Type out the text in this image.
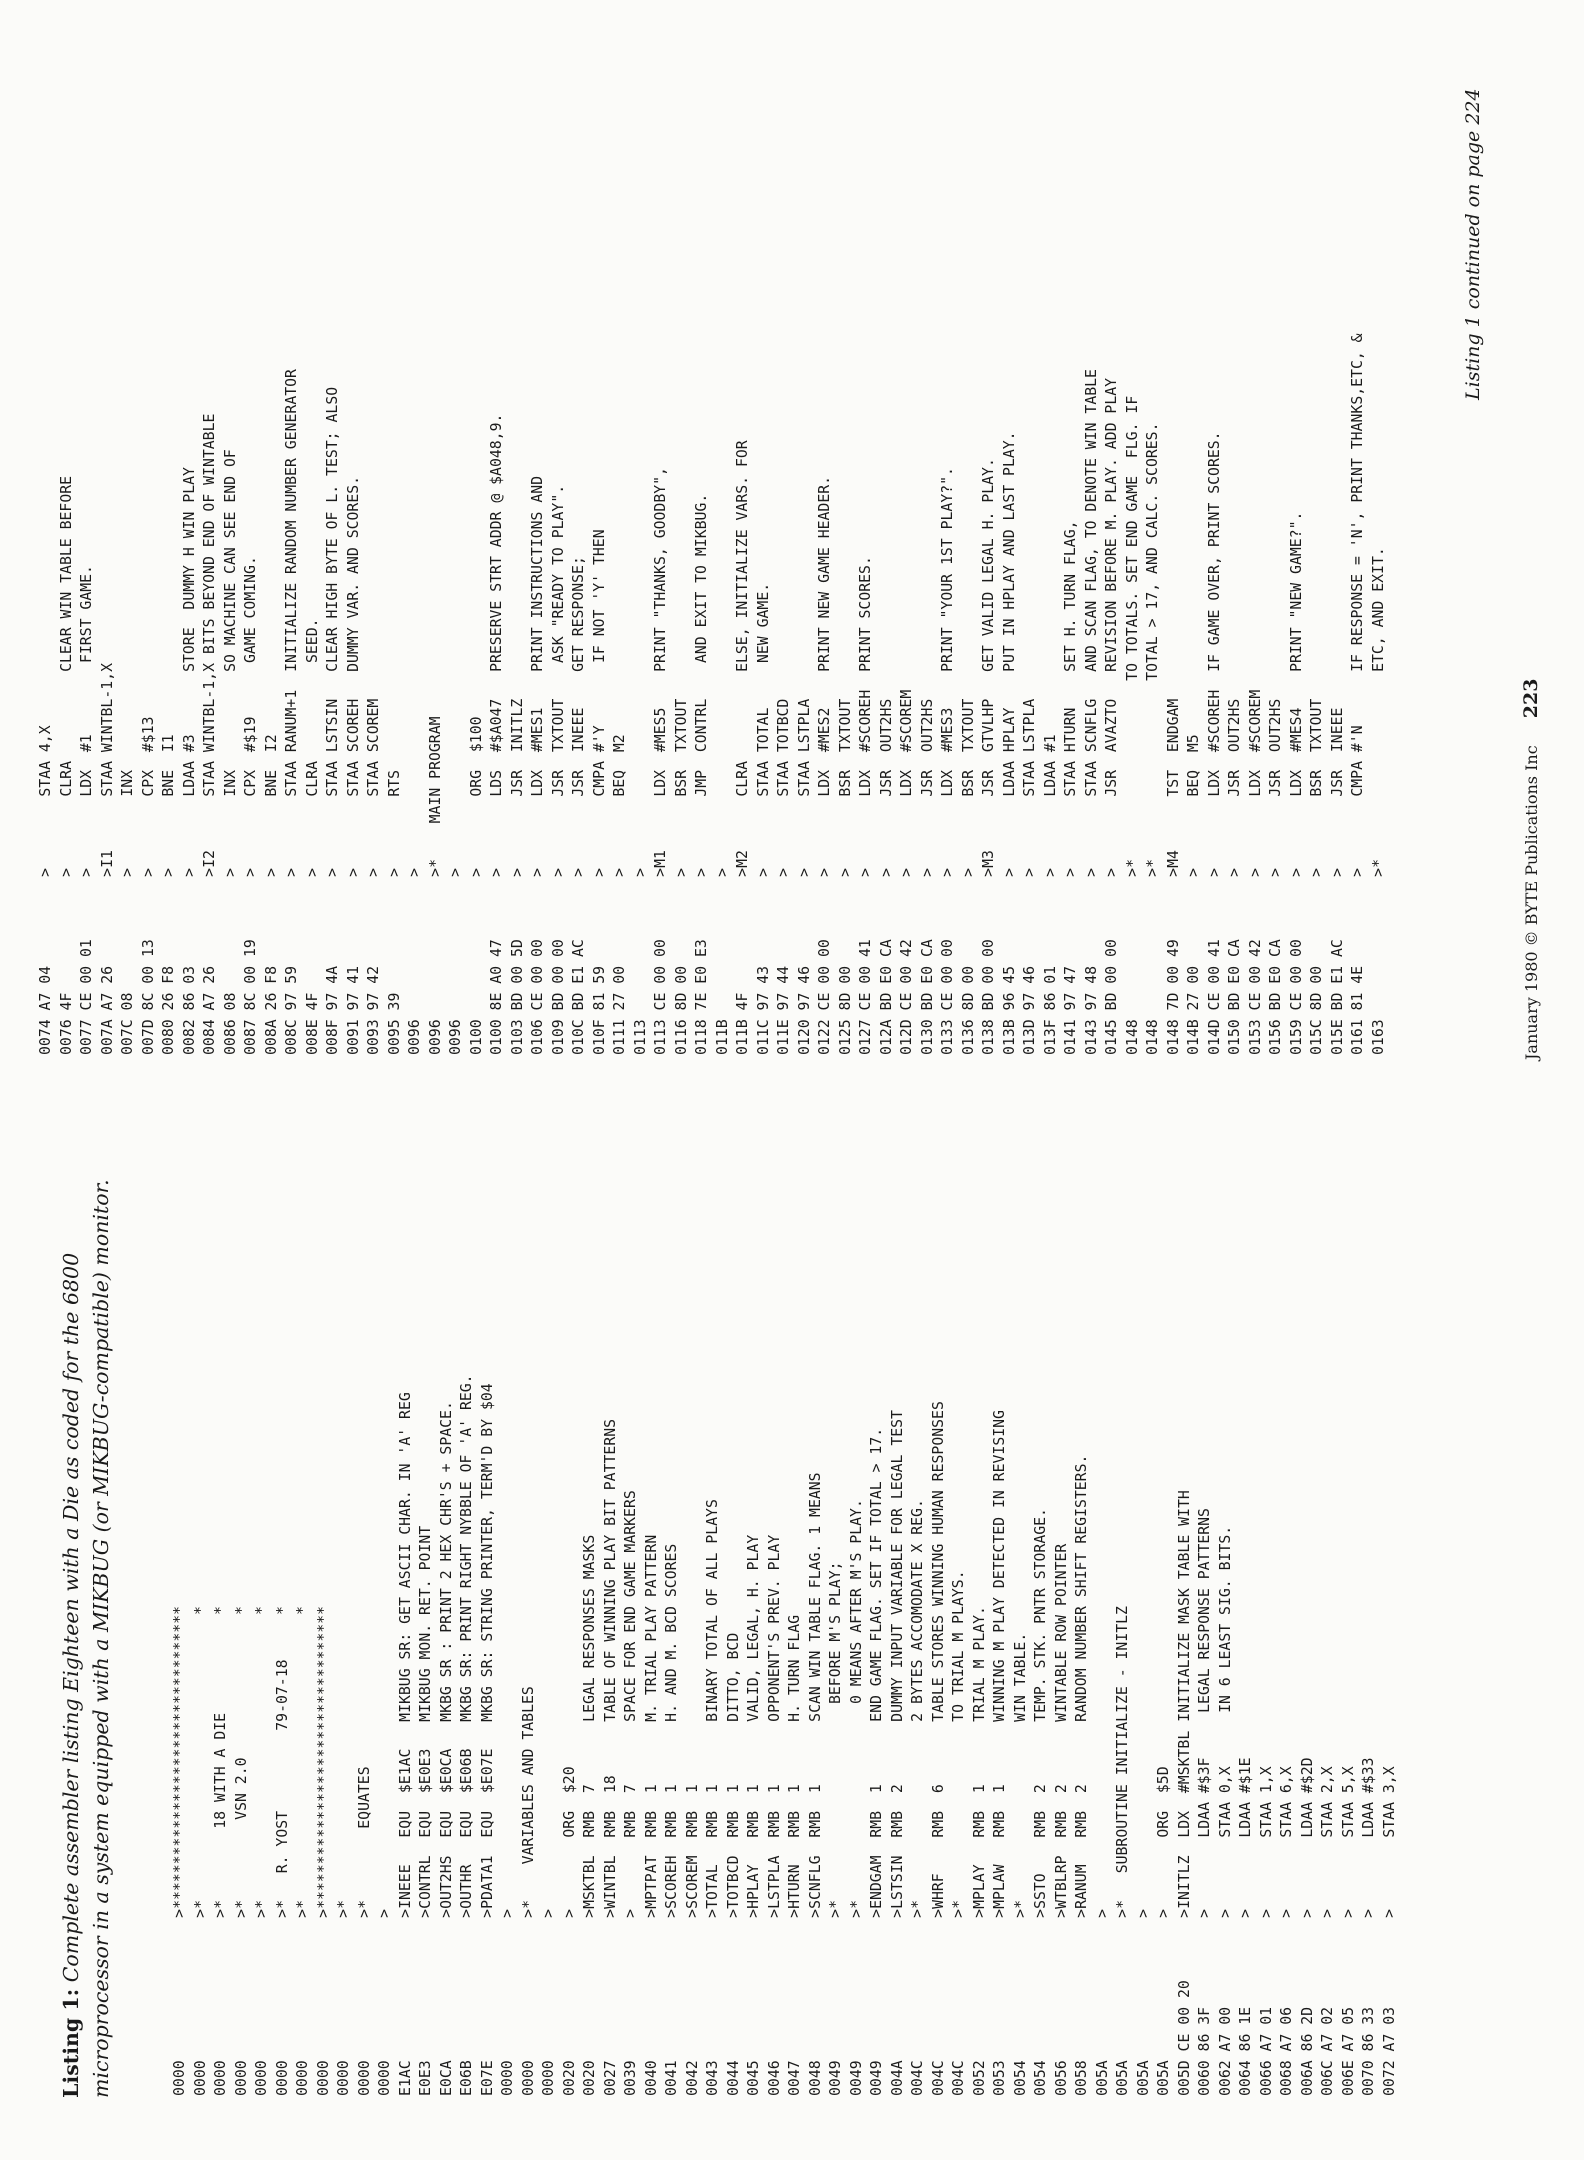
Listing 1: Complete assembler listing Eighteen with a Die as coded for the 6800 microprocessor in a system equipped with a MIKBUG (or MIKBUG-compatible) monitor.	0000                >**********************************
0000                >*                                *
0000                >*        18 WITH A DIE           *
0000                >*         VSN 2.0                *
0000                >*                                *
0000                >*   R. YOST         79-07-18     *
0000                >*                                *
0000                >**********************************
0000                >*
0000                >*        EQUATES
0000                >
E1AC                >INEEE   EQU  $E1AC   MIKBUG SR: GET ASCII CHAR. IN 'A' REG
E0E3                >CONTRL  EQU  $E0E3   MIKBUG MON. RET. POINT
E0CA                >OUT2HS  EQU  $E0CA   MKBG SR : PRINT 2 HEX CHR'S + SPACE.
E06B                >OUTHR   EQU  $E06B   MKBG SR: PRINT RIGHT NYBBLE OF 'A' REG.
E07E                >PDATA1  EQU  $E07E   MKBG SR: STRING PRINTER, TERM'D BY $04
0000                >
0000                >*    VARIABLES AND TABLES
0000                >
0020                >        ORG  $20
0020                >MSKTBL  RMB  7       LEGAL RESPONSES MASKS
0027                >WINTBL  RMB  18      TABLE OF WINNING PLAY BIT PATTERNS
0039                >        RMB  7       SPACE FOR END GAME MARKERS
0040                >MPTPAT  RMB  1       M. TRIAL PLAY PATTERN
0041                >SCOREH  RMB  1       H. AND M. BCD SCORES
0042                >SCOREM  RMB  1
0043                >TOTAL   RMB  1       BINARY TOTAL OF ALL PLAYS
0044                >TOTBCD  RMB  1       DITTO, BCD
0045                >HPLAY   RMB  1       VALID, LEGAL, H. PLAY
0046                >LSTPLA  RMB  1       OPPONENT'S PREV. PLAY
0047                >HTURN   RMB  1       H. TURN FLAG
0048                >SCNFLG  RMB  1       SCAN WIN TABLE FLAG. 1 MEANS
0049                >*                      BEFORE M'S PLAY;
0049                >*                      0 MEANS AFTER M'S PLAY.
0049                >ENDGAM  RMB  1       END GAME FLAG. SET IF TOTAL > 17.
004A                >LSTSIN  RMB  2       DUMMY INPUT VARIABLE FOR LEGAL TEST
004C                >*                    2 BYTES ACCOMODATE X REG.
004C                >WHRF    RMB  6       TABLE STORES WINNING HUMAN RESPONSES
004C                >*                    TO TRIAL M PLAYS.
0052                >MPLAY   RMB  1       TRIAL M PLAY.
0053                >MPLAW   RMB  1       WINNING M PLAY DETECTED IN REVISING
0054                >*                    WIN TABLE.
0054                >SSTO    RMB  2       TEMP. STK. PNTR STORAGE.
0056                >WTBLRP  RMB  2       WINTABLE ROW POINTER
0058                >RANUM   RMB  2       RANDOM NUMBER SHIFT REGISTERS.
005A                >
005A                >*   SUBROUTINE INITIALIZE - INITLZ
005A                >
005A                >        ORG  $5D
005D CE 00 20       >INITLZ  LDX  #MSKTBL INITIALIZE MASK TABLE WITH
0060 86 3F          >        LDAA #$3F     LEGAL RESPONSE PATTERNS
0062 A7 00          >        STAA 0,X      IN 6 LEAST SIG. BITS.
0064 86 1E          >        LDAA #$1E
0066 A7 01          >        STAA 1,X
0068 A7 06          >        STAA 6,X
006A 86 2D          >        LDAA #$2D
006C A7 02          >        STAA 2,X
006E A7 05          >        STAA 5,X
0070 86 33          >        LDAA #$33
0072 A7 03          >        STAA 3,X

0074 A7 04          >        STAA 4,X
0076 4F             >        CLRA          CLEAR WIN TABLE BEFORE
0077 CE 00 01       >        LDX  #1        FIRST GAME.
007A A7 26          >I1      STAA WINTBL-1,X
007C 08             >        INX
007D 8C 00 13       >        CPX  #$13
0080 26 F8          >        BNE  I1
0082 86 03          >        LDAA #3       STORE  DUMMY H WIN PLAY
0084 A7 26          >I2      STAA WINTBL-1,X BITS BEYOND END OF WINTABLE
0086 08             >        INX           SO MACHINE CAN SEE END OF
0087 8C 00 19       >        CPX  #$19      GAME COMING.
008A 26 F8          >        BNE  I2
008C 97 59          >        STAA RANUM+1  INITIALIZE RANDOM NUMBER GENERATOR
008E 4F             >        CLRA           SEED.
008F 97 4A          >        STAA LSTSIN   CLEAR HIGH BYTE OF L. TEST; ALSO
0091 97 41          >        STAA SCOREH   DUMMY VAR. AND SCORES.
0093 97 42          >        STAA SCOREM
0095 39             >        RTS
0096                >
0096                >*    MAIN PROGRAM
0096                >
0100                >        ORG  $100
0100 8E A0 47       >        LDS  #$A047   PRESERVE STRT ADDR @ $A048,9.
0103 BD 00 5D       >        JSR  INITLZ
0106 CE 00 00       >        LDX  #MES1    PRINT INSTRUCTIONS AND
0109 BD 00 00       >        JSR  TXTOUT    ASK "READY TO PLAY".
010C BD E1 AC       >        JSR  INEEE    GET RESPONSE;
010F 81 59          >        CMPA #'Y       IF NOT 'Y' THEN
0111 27 00          >        BEQ  M2
0113                >
0113 CE 00 00       >M1      LDX  #MES5    PRINT "THANKS, GOODBY",
0116 8D 00          >        BSR  TXTOUT
0118 7E E0 E3       >        JMP  CONTRL    AND EXIT TO MIKBUG.
011B                >
011B 4F             >M2      CLRA          ELSE, INITIALIZE VARS. FOR
011C 97 43          >        STAA TOTAL     NEW GAME.
011E 97 44          >        STAA TOTBCD
0120 97 46          >        STAA LSTPLA
0122 CE 00 00       >        LDX  #MES2    PRINT NEW GAME HEADER.
0125 8D 00          >        BSR  TXTOUT
0127 CE 00 41       >        LDX  #SCOREH  PRINT SCORES.
012A BD E0 CA       >        JSR  OUT2HS
012D CE 00 42       >        LDX  #SCOREM
0130 BD E0 CA       >        JSR  OUT2HS
0133 CE 00 00       >        LDX  #MES3    PRINT "YOUR 1ST PLAY?".
0136 8D 00          >        BSR  TXTOUT
0138 BD 00 00       >M3      JSR  GTVLHP   GET VALID LEGAL H. PLAY.
013B 96 45          >        LDAA HPLAY    PUT IN HPLAY AND LAST PLAY.
013D 97 46          >        STAA LSTPLA
013F 86 01          >        LDAA #1
0141 97 47          >        STAA HTURN    SET H. TURN FLAG,
0143 97 48          >        STAA SCNFLG   AND SCAN FLAG, TO DENOTE WIN TABLE
0145 BD 00 00       >        JSR  AVAZTO   REVISION BEFORE M. PLAY. ADD PLAY
0148                >*                    TO TOTALS. SET END GAME  FLG. IF
0148                >*                    TOTAL > 17, AND CALC. SCORES.
0148 7D 00 49       >M4      TST  ENDGAM
014B 27 00          >        BEQ  M5
014D CE 00 41       >        LDX  #SCOREH  IF GAME OVER, PRINT SCORES.
0150 BD E0 CA       >        JSR  OUT2HS
0153 CE 00 42       >        LDX  #SCOREM
0156 BD E0 CA       >        JSR  OUT2HS
0159 CE 00 00       >        LDX  #MES4    PRINT "NEW GAME?".
015C 8D 00          >        BSR  TXTOUT
015E BD E1 AC       >        JSR  INEEE
0161 81 4E          >        CMPA #'N      IF RESPONSE = 'N', PRINT THANKS,ETC, &
0163                >*                     ETC, AND EXIT.

Listing 1 continued on page 224
January 1980 © BYTE Publications Inc 223
